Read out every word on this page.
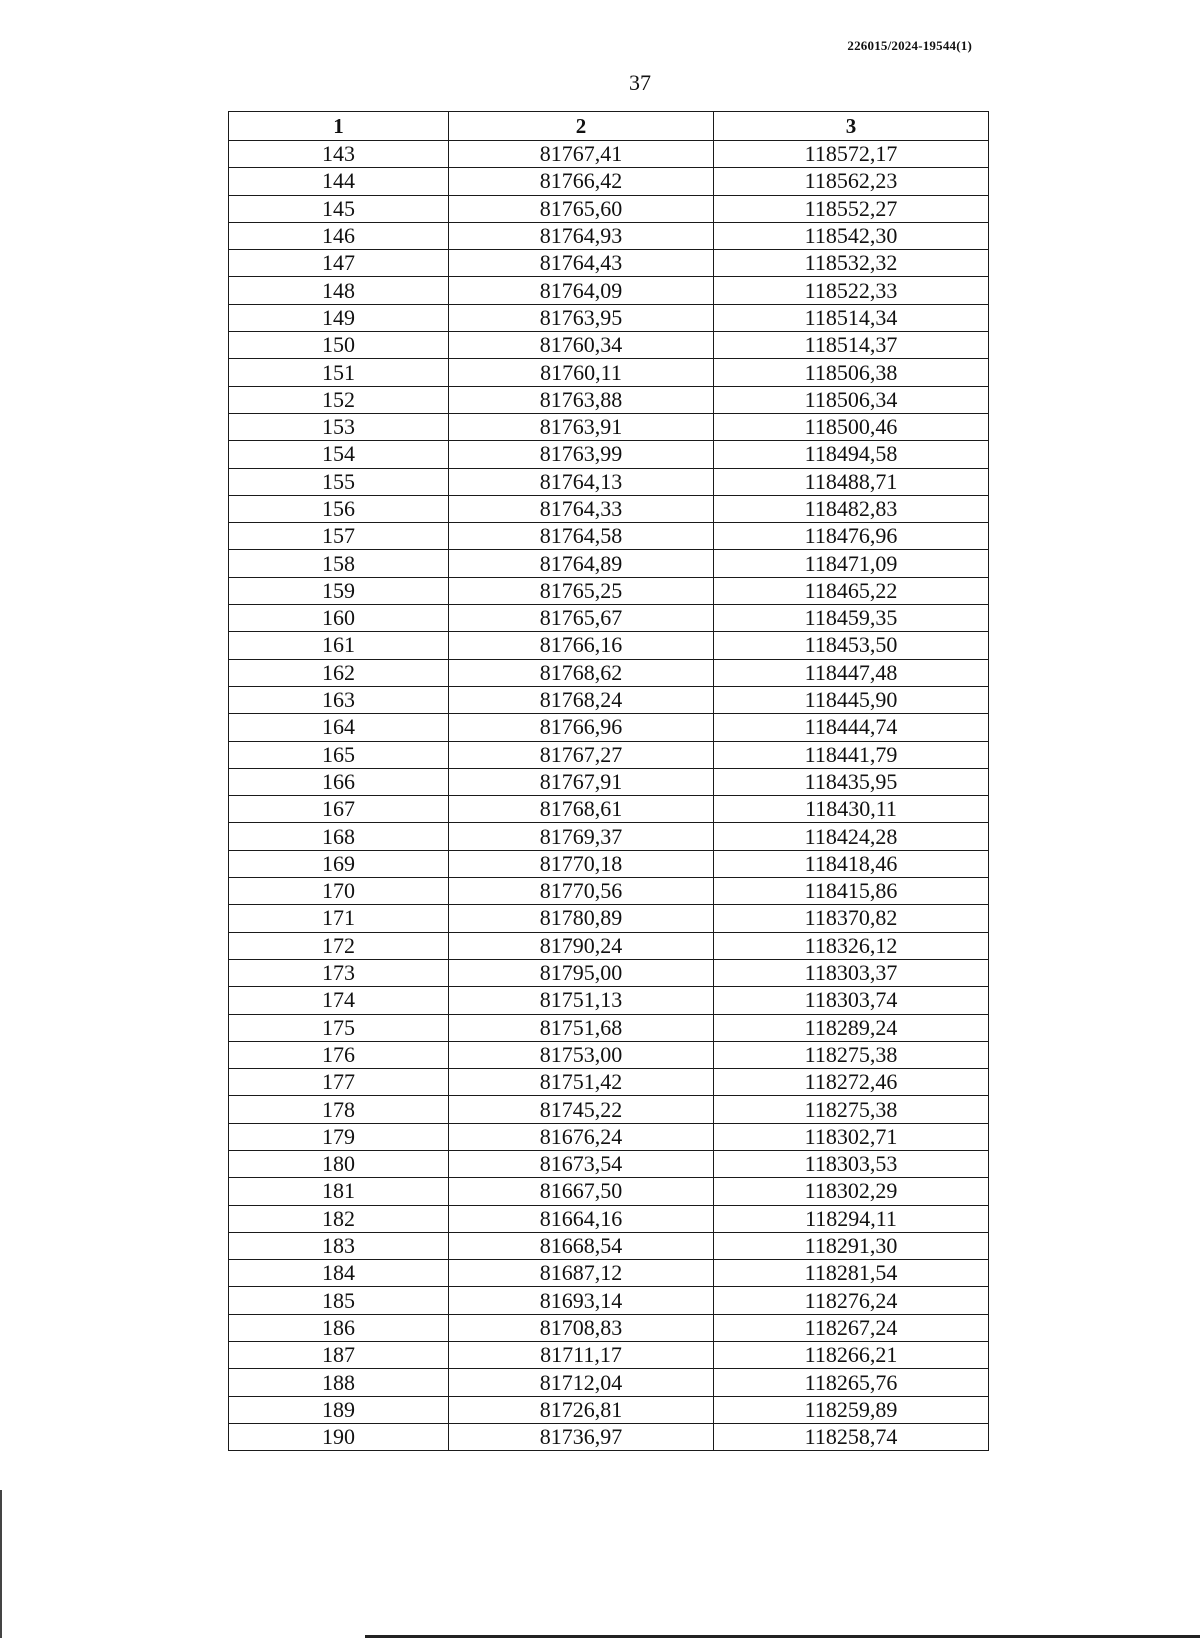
226015/2024-19544(1)
37
1	2	3
143	81767,41	118572,17
144	81766,42	118562,23
145	81765,60	118552,27
146	81764,93	118542,30
147	81764,43	118532,32
148	81764,09	118522,33
149	81763,95	118514,34
150	81760,34	118514,37
151	81760,11	118506,38
152	81763,88	118506,34
153	81763,91	118500,46
154	81763,99	118494,58
155	81764,13	118488,71
156	81764,33	118482,83
157	81764,58	118476,96
158	81764,89	118471,09
159	81765,25	118465,22
160	81765,67	118459,35
161	81766,16	118453,50
162	81768,62	118447,48
163	81768,24	118445,90
164	81766,96	118444,74
165	81767,27	118441,79
166	81767,91	118435,95
167	81768,61	118430,11
168	81769,37	118424,28
169	81770,18	118418,46
170	81770,56	118415,86
171	81780,89	118370,82
172	81790,24	118326,12
173	81795,00	118303,37
174	81751,13	118303,74
175	81751,68	118289,24
176	81753,00	118275,38
177	81751,42	118272,46
178	81745,22	118275,38
179	81676,24	118302,71
180	81673,54	118303,53
181	81667,50	118302,29
182	81664,16	118294,11
183	81668,54	118291,30
184	81687,12	118281,54
185	81693,14	118276,24
186	81708,83	118267,24
187	81711,17	118266,21
188	81712,04	118265,76
189	81726,81	118259,89
190	81736,97	118258,74
